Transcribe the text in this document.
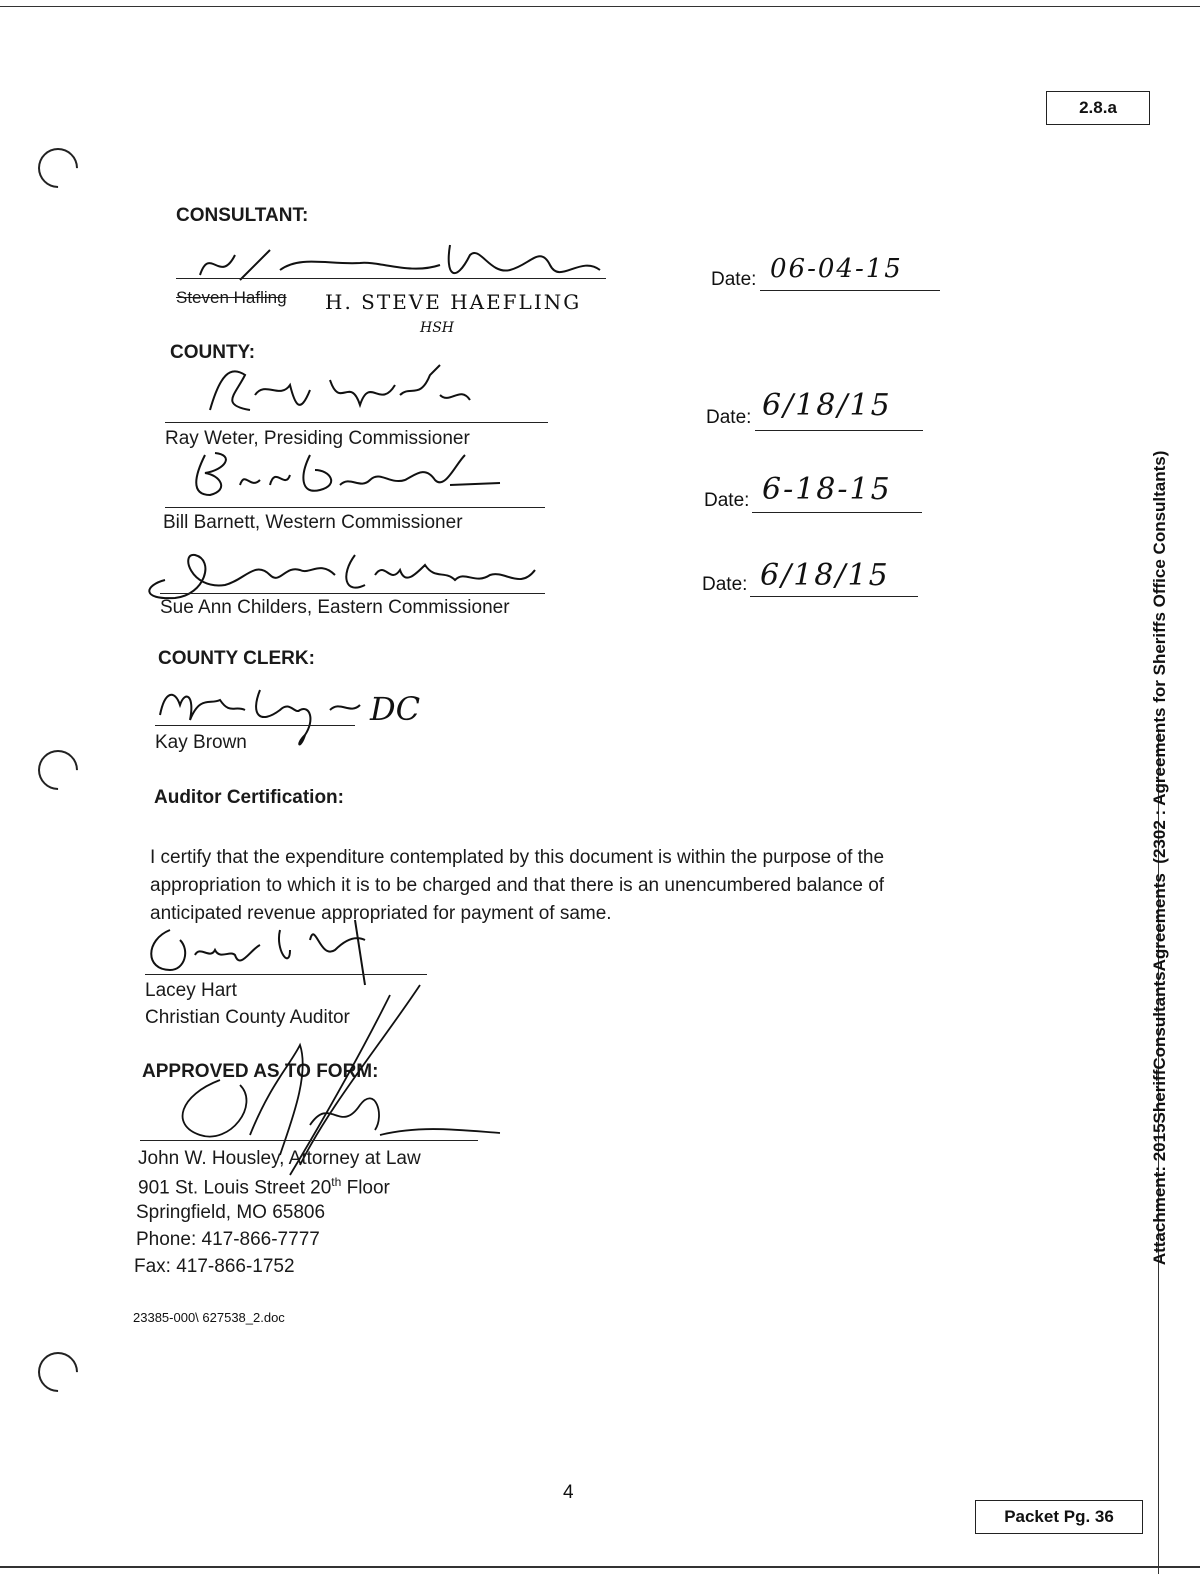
2.8.a
CONSULTANT:
Steven Hafling H. STEVE HAEFLING
HSH
Date: 06-04-15
COUNTY:
Ray Weter, Presiding Commissioner
Date: 6/18/15
Bill Barnett, Western Commissioner
Date: 6-18-15
Sue Ann Childers, Eastern Commissioner
Date: 6/18/15
COUNTY CLERK:
DC
Kay Brown
Auditor Certification:
I certify that the expenditure contemplated by this document is within the purpose of the
appropriation to which it is to be charged and that there is an unencumbered balance of
anticipated revenue appropriated for payment of same.
Lacey Hart
Christian County Auditor
APPROVED AS TO FORM:
John W. Housley, Attorney at Law
901 St. Louis Street 20th Floor
Springfield, MO 65806
Phone: 417-866-7777
Fax: 417-866-1752
23385-000\ 627538_2.doc
4

Attachment: 2015SheriffConsultantsAgreements  (2302 : Agreements for Sheriffs Office Consultants)

Packet Pg. 36
